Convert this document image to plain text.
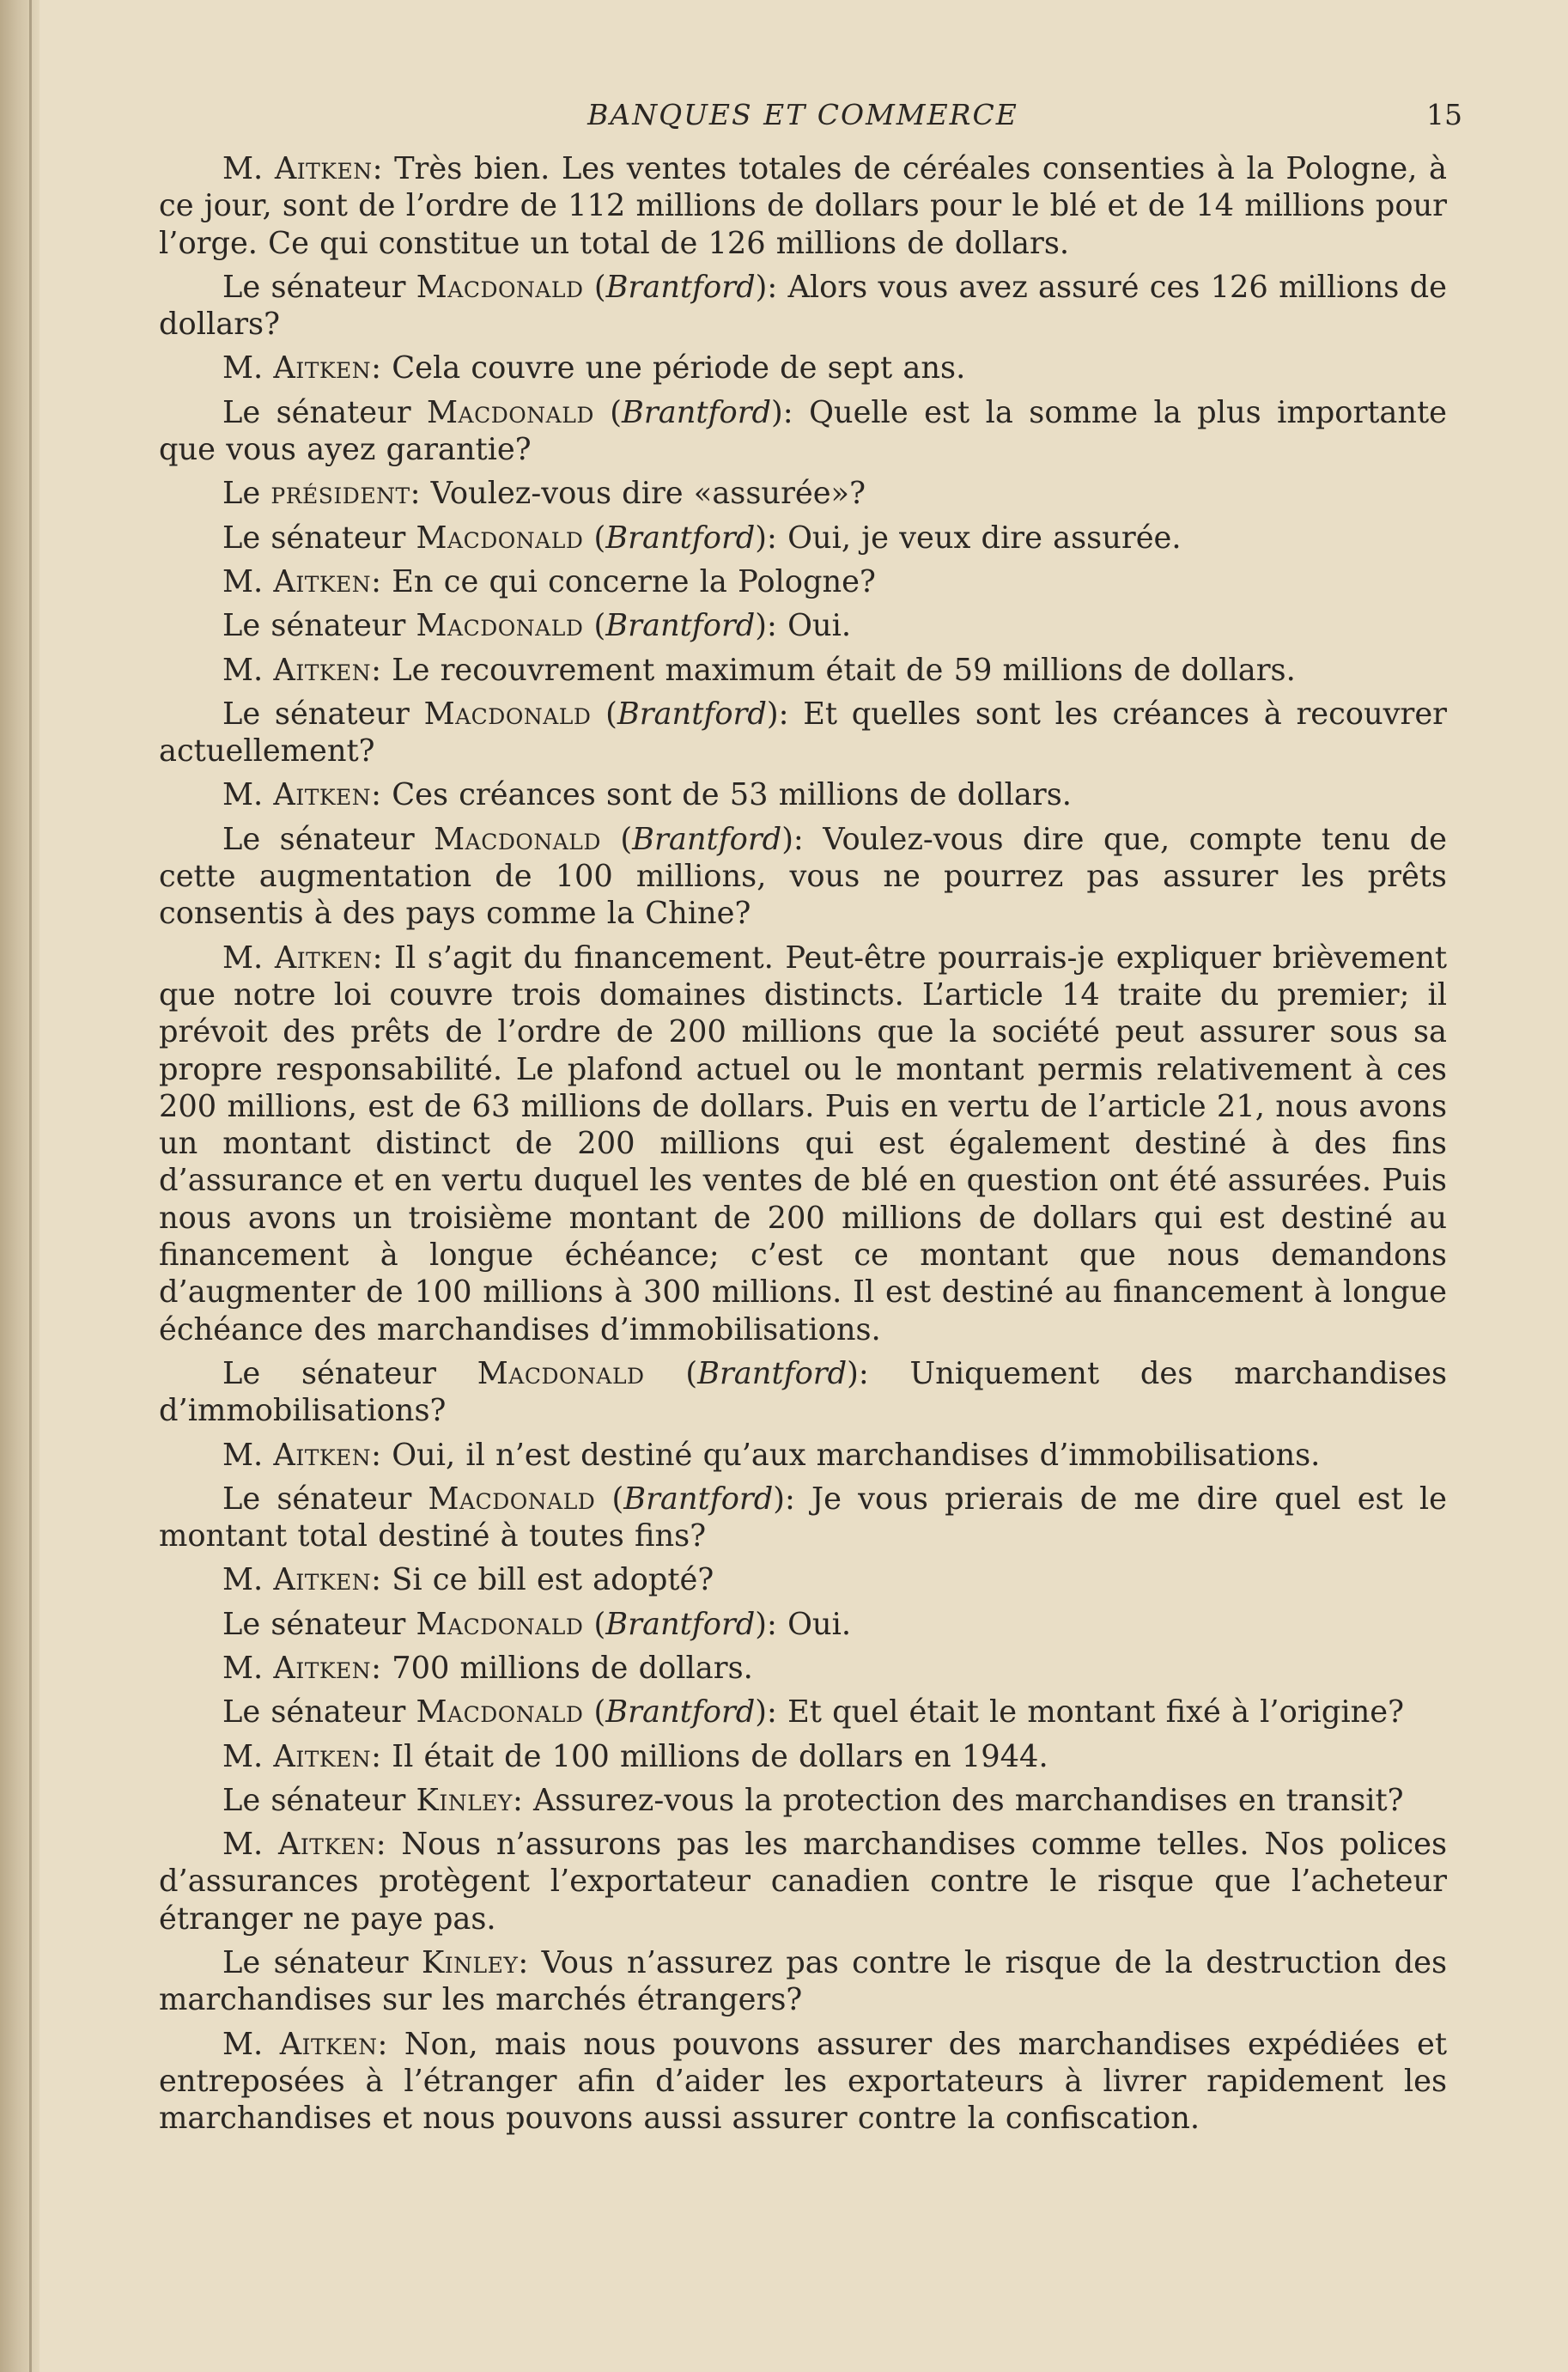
BANQUES ET COMMERCE	15

M. Aitken: Très bien. Les ventes totales de céréales consenties à la Pologne, à ce jour, sont de l’ordre de 112 millions de dollars pour le blé et de 14 millions pour l’orge. Ce qui constitue un total de 126 millions de dollars.

Le sénateur Macdonald (Brantford): Alors vous avez assuré ces 126 millions de dollars?

M. Aitken: Cela couvre une période de sept ans.

Le sénateur Macdonald (Brantford): Quelle est la somme la plus importante que vous ayez garantie?

Le président: Voulez-vous dire «assurée»?

Le sénateur Macdonald (Brantford): Oui, je veux dire assurée.

M. Aitken: En ce qui concerne la Pologne?

Le sénateur Macdonald (Brantford): Oui.

M. Aitken: Le recouvrement maximum était de 59 millions de dollars.

Le sénateur Macdonald (Brantford): Et quelles sont les créances à recouvrer actuellement?

M. Aitken: Ces créances sont de 53 millions de dollars.

Le sénateur Macdonald (Brantford): Voulez-vous dire que, compte tenu de cette augmentation de 100 millions, vous ne pourrez pas assurer les prêts consentis à des pays comme la Chine?

M. Aitken: Il s’agit du financement. Peut-être pourrais-je expliquer brièvement que notre loi couvre trois domaines distincts. L’article 14 traite du premier; il prévoit des prêts de l’ordre de 200 millions que la société peut assurer sous sa propre responsabilité. Le plafond actuel ou le montant permis relativement à ces 200 millions, est de 63 millions de dollars. Puis en vertu de l’article 21, nous avons un montant distinct de 200 millions qui est également destiné à des fins d’assurance et en vertu duquel les ventes de blé en question ont été assurées. Puis nous avons un troisième montant de 200 millions de dollars qui est destiné au financement à longue échéance; c’est ce montant que nous demandons d’augmenter de 100 millions à 300 millions. Il est destiné au financement à longue échéance des marchandises d’immobilisations.

Le sénateur Macdonald (Brantford): Uniquement des marchandises d’immobilisations?

M. Aitken: Oui, il n’est destiné qu’aux marchandises d’immobilisations.

Le sénateur Macdonald (Brantford): Je vous prierais de me dire quel est le montant total destiné à toutes fins?

M. Aitken: Si ce bill est adopté?

Le sénateur Macdonald (Brantford): Oui.

M. Aitken: 700 millions de dollars.

Le sénateur Macdonald (Brantford): Et quel était le montant fixé à l’origine?

M. Aitken: Il était de 100 millions de dollars en 1944.

Le sénateur Kinley: Assurez-vous la protection des marchandises en transit?

M. Aitken: Nous n’assurons pas les marchandises comme telles. Nos polices d’assurances protègent l’exportateur canadien contre le risque que l’acheteur étranger ne paye pas.

Le sénateur Kinley: Vous n’assurez pas contre le risque de la destruction des marchandises sur les marchés étrangers?

M. Aitken: Non, mais nous pouvons assurer des marchandises expédiées et entreposées à l’étranger afin d’aider les exportateurs à livrer rapidement les marchandises et nous pouvons aussi assurer contre la confiscation.
